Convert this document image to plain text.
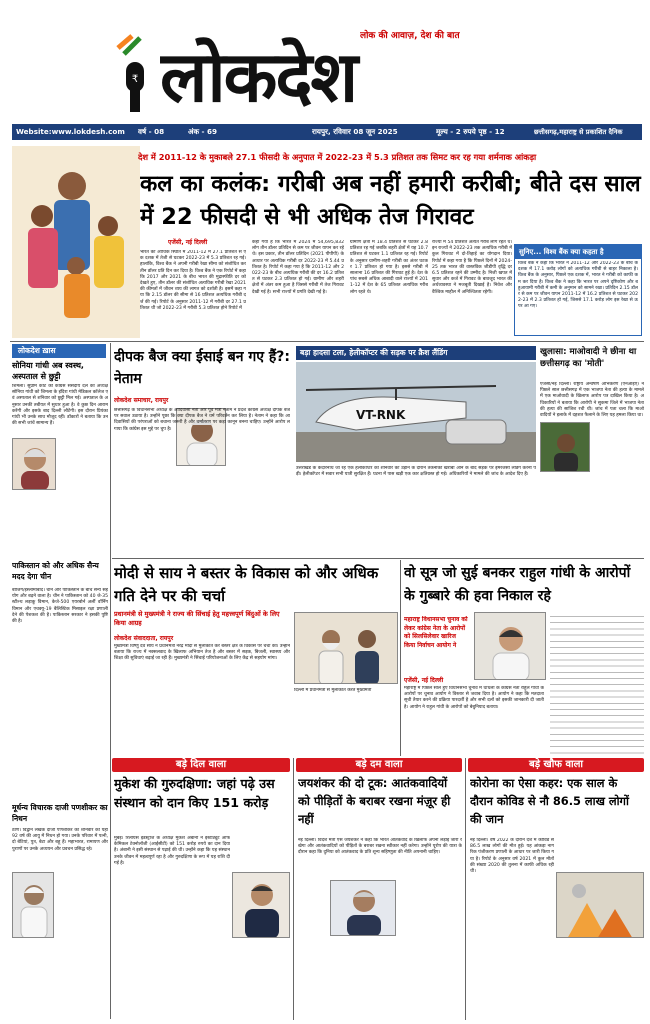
₹
लोक की आवाज़, देश की बात
लोकदेश
Website:www.lokdesh.com	वर्ष - 08	अंक - 69	रायपुर, रविवार 08 जून 2025	मूल्य - 2 रुपये पृष्ठ - 12	छत्तीसगढ़,महाराष्ट्र से प्रकाशित दैनिक
देश में 2011-12 के मुकाबले 27.1 फीसदी के अनुपात में 2022-23 में 5.3 प्रतिशत तक सिमट कर रह गया शर्मनाक आंकड़ा
कल का कलंक: गरीबी अब नहीं हमारी करीबी; बीते दस साल में 22 फीसदी से भी अधिक तेज गिरावट
एजेंसी, नई दिल्ली
भारत की आर्थिक स्थिति में 2011-12 में 27.1 प्रतिशत से एक दशक में तेजी से घटकर 2022-23 में 5.3 प्रतिशत रह गई। हालांकि, विश्व बैंक ने अपनी गरीबी रेखा सीमा को संशोधित कर तीन डॉलर प्रति दिन कर दिया है। विश्व बैंक ने एक रिपोर्ट में कहा कि 2017 और 2021 के बीच भारत की मुद्रास्फीति दर को देखते हुए, तीन डॉलर की संशोधित अत्यधिक गरीबी रेखा 2021 की कीमतों में जीवन व्यय की लागत को दर्शाती है। इसमें कहा गया कि 2.15 डॉलर की सीमा से 16 प्रतिशत अत्यधिक गरीबी दर्ज की गई। रिपोर्ट के अनुसार 2011-12 में गरीबी दर 27.1 प्रतिशत थी जो 2022-23 में गरीबी 5.3 प्रतिशत होने रिपोर्ट में
कहा गया है कि भारत में 2024 में 54,695,832 लोग तीन डॉलर प्रतिदिन से कम पर जीवन यापन कर रहे थे। इस प्रकार, तीन डॉलर प्रतिदिन (2021 पीपीपी) के आधार पर अत्यधिक गरीबी दर 2022-23 में 5.44 प्रतिशत है। रिपोर्ट में कहा गया है कि 2011-12 और 2022-23 के बीच अत्यधिक गरीबी की दर 16.2 प्रतिशत से घटकर 2.3 प्रतिशत हो गई। ग्रामीण और शहरी क्षेत्रों में अंतर कम हुआ है जिससे गरीबी में तेज गिरावट देखी गई है। सभी राज्यों में प्रगति देखी गई है।
ग्रामीण क्षेत्रों में 18.4 प्रतिशत से घटकर 2.8 प्रतिशत रह गई जबकि शहरी क्षेत्रों में यह 10.7 प्रतिशत से घटकर 1.1 प्रतिशत रह गई। रिपोर्ट के अनुसार ग्रामीण-शहरी गरीबी का अंतर घटकर 1.7 प्रतिशत हो गया है। इससे गरीबी में सालाना 16 प्रतिशत की गिरावट हुई है। देश के पांच सबसे अधिक आबादी वाले राज्यों में 2011-12 में देश के 65 प्रतिशत अत्यधिक गरीब लोग रहते थे।
राज्यों में 54 प्रतिशत अत्यंत गरीब लोग रहते थे। इन राज्यों ने 2022-23 तक अत्यधिक गरीबी में कुल गिरावट में दो-तिहाई का योगदान दिया। रिपोर्ट में कहा गया है कि पिछले दिनों में 2024-25 तक भारत की वास्तविक जीडीपी वृद्धि दर 6.5 प्रतिशत रहने की उम्मीद है। निजी खपत में सुधार और कर्ज में गिरावट के बावजूद भारत की अर्थव्यवस्था ने मजबूती दिखाई है। निवेश और वैश्विक माहौल में अनिश्चितता रहेगी।
सुनिए... विश्व बैंक क्या कहता है
विश्व बैंक ने कहा कि भारत ने 2011-12 और 2022-23 के बीच के दशक में 17.1 करोड़ लोगों को अत्यधिक गरीबी से बाहर निकाला है। विश्व बैंक के अनुसार, पिछले एक दशक में, भारत ने गरीबी को काफी कम कर दिया है। विश्व बैंक ने कहा कि भारत पर अपने दृष्टिकोण और बहुआयामी गरीबी में कमी के अनुमान को सामने रखा। प्रतिदिन 2.15 डॉलर से कम पर जीवन यापन 2011-12 में 16.2 प्रतिशत से घटकर 2022-23 में 2.3 प्रतिशत हो गई, जिससे 17.1 करोड़ लोग इस रेखा से ऊपर आ गए।
लोकदेश ख़ास
सोनिया गांधी अब स्वस्थ, अस्पताल से छुट्टी
शिमला। सुप्रीम कोर्ट की कांग्रेस संसदीय दल की अध्यक्ष सोनिया गांधी को शिमला के इंदिरा गांधी मेडिकल कॉलेज एवं अस्पताल से शनिवार को छुट्टी मिल गई। अस्पताल के अनुसार उनकी तबीयत में सुधार हुआ है। वे कुछ दिन आराम करेंगी और इसके बाद दिल्ली लौटेंगी। इस दौरान प्रियंका गांधी भी उनके साथ मौजूद रहीं। डॉक्टरों ने बताया कि उनकी सभी जांचें सामान्य हैं।
पाकिस्तान को और अधिक सैन्य मदद देगा चीन
बीजिंग/इस्लामाबाद। चीन और पाकिस्तान के बीच सैन्य सहयोग और बढ़ने वाला है। चीन ने पाकिस्तान को 40 जे-35 स्टील्थ लड़ाकू विमान, केजे-500 एयरबोर्न अर्ली वॉर्निंग विमान और एचक्यू-19 बैलिस्टिक मिसाइल रक्षा प्रणाली देने की पेशकश की है। पाकिस्तान सरकार ने इसकी पुष्टि की है।
मूर्धन्य विचारक दाजी पणशीकर का निधन
ठाणे। विद्वान लेखक दाजी पणशीकर का शनिवार को यहां 92 वर्ष की आयु में निधन हो गया। उनके परिवार में पत्नी, दो बेटियां, पुत्र, बेटा और बहू हैं। महाभारत, रामायण और पुराणों पर उनके अध्ययन और प्रवचन प्रसिद्ध रहे।
दीपक बैज क्या ईसाई बन गए हैं?: नेताम
लोकदेश समाचार, रायपुर
छत्तीसगढ़ के विधानसभा अध्यक्ष के आदिवासी नेता और पूर्व मंत्री नेताम ने प्रदेश कांग्रेस अध्यक्ष दीपक बैज पर सवाल उठाया है। उन्होंने पूछा कि क्या दीपक बैज ने धर्म परिवर्तन कर लिया है। नेताम ने कहा कि आदिवासियों की परंपराओं को बचाना जरूरी है और धर्मांतरण पर कड़ा कानून बनना चाहिए। उन्होंने आरोप लगाया कि कांग्रेस इस मुद्दे पर चुप है।
बड़ा हादसा टला, हेलीकॉप्टर की सड़क पर क्रैश लैंडिंग
VT-RNK
उत्तराखंड के केदारनाथ जा रहे एक हेलीकॉप्टर को शनिवार को उड़ान के दौरान तकनीकी खराबी आने के बाद सड़क पर इमरजेंसी लैंडिंग करनी पड़ी। हेलीकॉप्टर में सवार सभी यात्री सुरक्षित हैं। घटना में पास खड़ी एक कार क्षतिग्रस्त हो गई। अधिकारियों ने मामले की जांच के आदेश दिए हैं।
खुलासा: माओवादी ने छीना था छत्तीसगढ़ का 'मोती'
एजेंसी/नई दिल्ली। राष्ट्रीय अन्वेषण अभिकरण (एनआईए) ने पिछले साल छत्तीसगढ़ में एक भाजपा नेता की हत्या के मामले में एक माओवादी के खिलाफ आरोप पत्र दाखिल किया है। अधिकारियों ने बताया कि आरोपी ने सुकमा जिले में भाजपा नेता की हत्या की साजिश रची थी। जांच में पता चला कि माओवादियों ने इलाके में दहशत फैलाने के लिए यह हमला किया था।
मोदी से साय ने बस्तर के विकास को और अधिक गति देने पर की चर्चा
प्रधानमंत्री से मुख्यमंत्री ने राज्य की सिंचाई हेतु महत्त्वपूर्ण बिंदुओं के लिए किया आग्रह
लोकदेश संवाददाता, रायपुर
मुख्यमंत्री विष्णु देव साय ने प्रधानमंत्री नरेंद्र मोदी से मुलाकात कर बस्तर क्षेत्र के विकास पर चर्चा की। उन्होंने बताया कि राज्य में नक्सलवाद के खिलाफ अभियान तेज है और बस्तर में सड़क, बिजली, स्वास्थ्य और शिक्षा की सुविधाएं बढ़ाई जा रही हैं। मुख्यमंत्री ने सिंचाई परियोजनाओं के लिए केंद्र से सहयोग मांगा।
दिल्ली में प्रधानमंत्री से मुलाकात करते मुख्यमंत्री
वो सूत्र जो सुई बनकर राहुल गांधी के आरोपों के गुब्बारे की हवा निकाल रहे
महाराष्ट्र विधानसभा चुनाव को लेकर कांग्रेस नेता के आरोपों को सिलसिलेवार खारिज किया निर्वाचन आयोग ने
एजेंसी, नई दिल्ली
महाराष्ट्र में पिछले साल हुए विधानसभा चुनाव में धांधली के कांग्रेस नेता राहुल गांधी के आरोपों पर चुनाव आयोग ने विस्तार से जवाब दिया है। आयोग ने कहा कि मतदाता सूची तैयार करने की प्रक्रिया पारदर्शी है और सभी दलों को इसकी जानकारी दी जाती है। आयोग ने राहुल गांधी के आरोपों को बेबुनियाद बताया।
बड़े दिल वाला	बड़े दम वाला	बड़े खौफ वाला
मुकेश की गुरुदक्षिणा: जहां पढ़े उस संस्थान को दान किए 151 करोड़
मुंबई। रिलायंस इंडस्ट्रीज के अध्यक्ष मुकेश अंबानी ने इंस्टीट्यूट ऑफ केमिकल टेक्नोलॉजी (आईसीटी) को 151 करोड़ रुपये का दान दिया है। अंबानी ने इसी संस्थान से पढ़ाई की थी। उन्होंने कहा कि यह संस्थान उनके जीवन में महत्वपूर्ण रहा है और गुरुदक्षिणा के रूप में यह राशि दी गई है।
जयशंकर की दो टूक: आतंकवादियों को पीड़ितों के बराबर रखना मंज़ूर ही नहीं
नई दिल्ली। विदेश मंत्री एस जयशंकर ने कहा कि भारत आतंकवाद के खिलाफ अपनी लड़ाई जारी रखेगा और आतंकवादियों को पीड़ितों के बराबर रखना स्वीकार नहीं करेगा। उन्होंने यूरोप की यात्रा के दौरान कहा कि दुनिया को आतंकवाद के प्रति शून्य सहिष्णुता की नीति अपनानी चाहिए।
कोरोना का ऐसा कहर: एक साल के दौरान कोविड से नौ 86.5 लाख लोगों की जान
नई दिल्ली। वर्ष 2022 के दौरान देश में कोविड से 86.5 लाख लोगों की मौत हुई। यह आंकड़ा नागरिक पंजीकरण प्रणाली के आधार पर जारी किया गया है। रिपोर्ट के अनुसार वर्ष 2021 में कुल मौतों की संख्या 2020 की तुलना में काफी अधिक रही थी।
